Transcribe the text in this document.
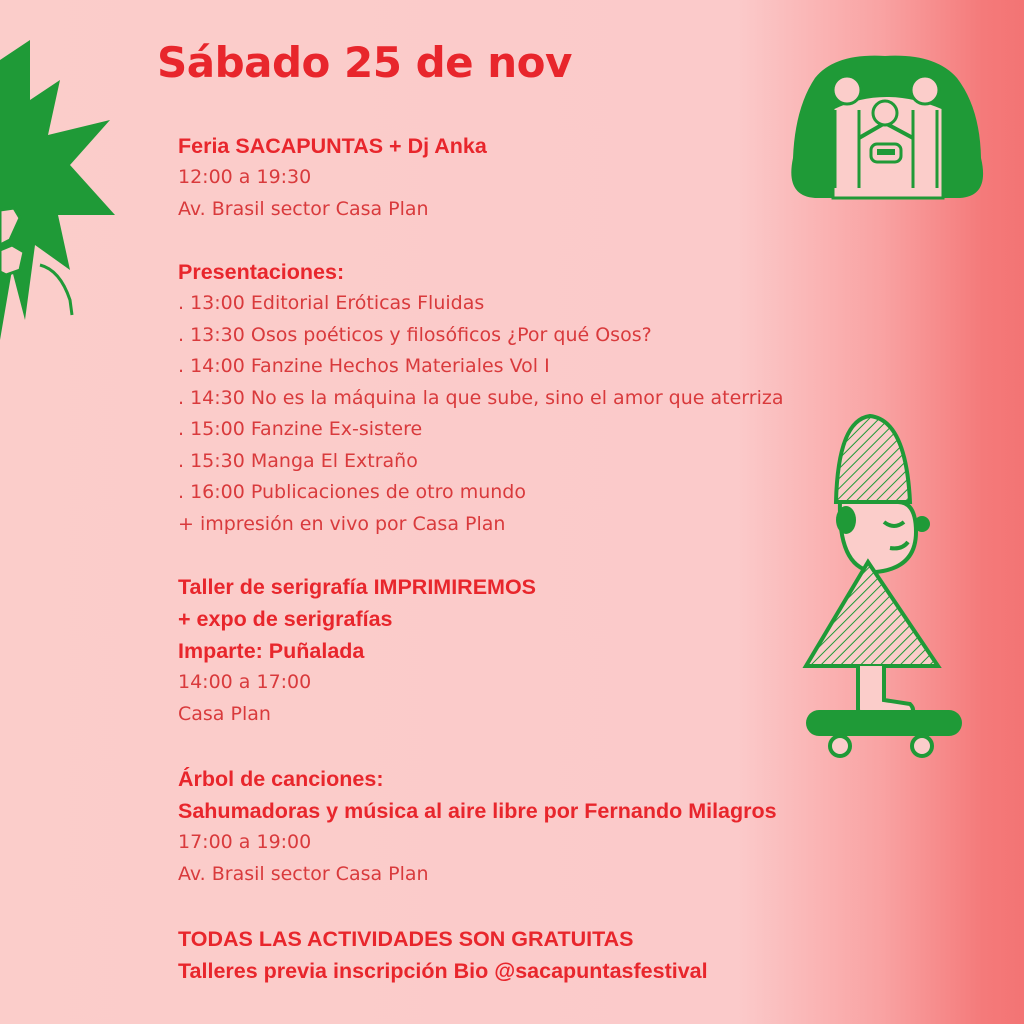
Sábado 25 de nov
Feria SACAPUNTAS + Dj Anka
12:00 a 19:30
Av. Brasil sector Casa Plan
Presentaciones:
. 13:00 Editorial Eróticas Fluidas
. 13:30 Osos poéticos y filosóficos ¿Por qué Osos?
. 14:00 Fanzine Hechos Materiales Vol I
. 14:30 No es la máquina la que sube, sino el amor que aterriza
. 15:00 Fanzine Ex-sistere
. 15:30 Manga El Extraño
. 16:00 Publicaciones de otro mundo
+ impresión en vivo por Casa Plan
Taller de serigrafía IMPRIMIREMOS
+ expo de serigrafías
Imparte: Puñalada
14:00 a 17:00
Casa Plan
Árbol de canciones:
Sahumadoras y música al aire libre por Fernando Milagros
17:00 a 19:00
Av. Brasil sector Casa Plan
TODAS LAS ACTIVIDADES SON GRATUITAS
Talleres previa inscripción Bio @sacapuntasfestival
